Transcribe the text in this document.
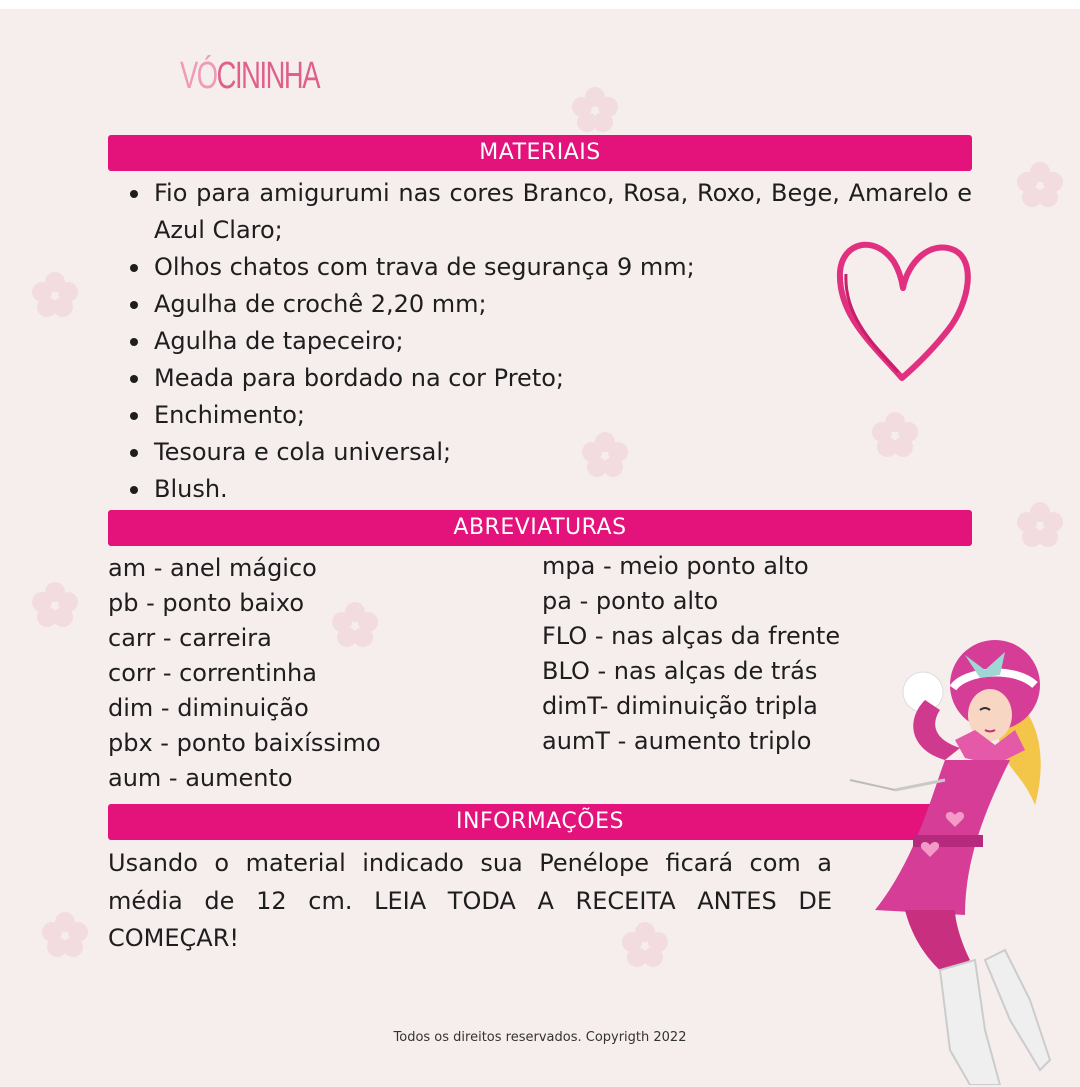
VÓCININHA
MATERIAIS
Fio para amigurumi nas cores Branco, Rosa, Roxo, Bege, Amarelo e Azul Claro;
Olhos chatos com trava de segurança 9 mm;
Agulha de crochê 2,20 mm;
Agulha de tapeceiro;
Meada para bordado na cor Preto;
Enchimento;
Tesoura e cola universal;
Blush.
ABREVIATURAS
am - anel mágico
pb - ponto baixo
carr - carreira
corr - correntinha
dim - diminuição
pbx - ponto baixíssimo
aum - aumento
mpa - meio ponto alto
pa - ponto alto
FLO - nas alças da frente
BLO - nas alças de trás
dimT- diminuição tripla
aumT - aumento triplo
INFORMAÇÕES
Usando o material indicado sua Penélope ficará com a média de 12 cm. LEIA TODA A RECEITA ANTES DE COMEÇAR!
Todos os direitos reservados. Copyrigth 2022
